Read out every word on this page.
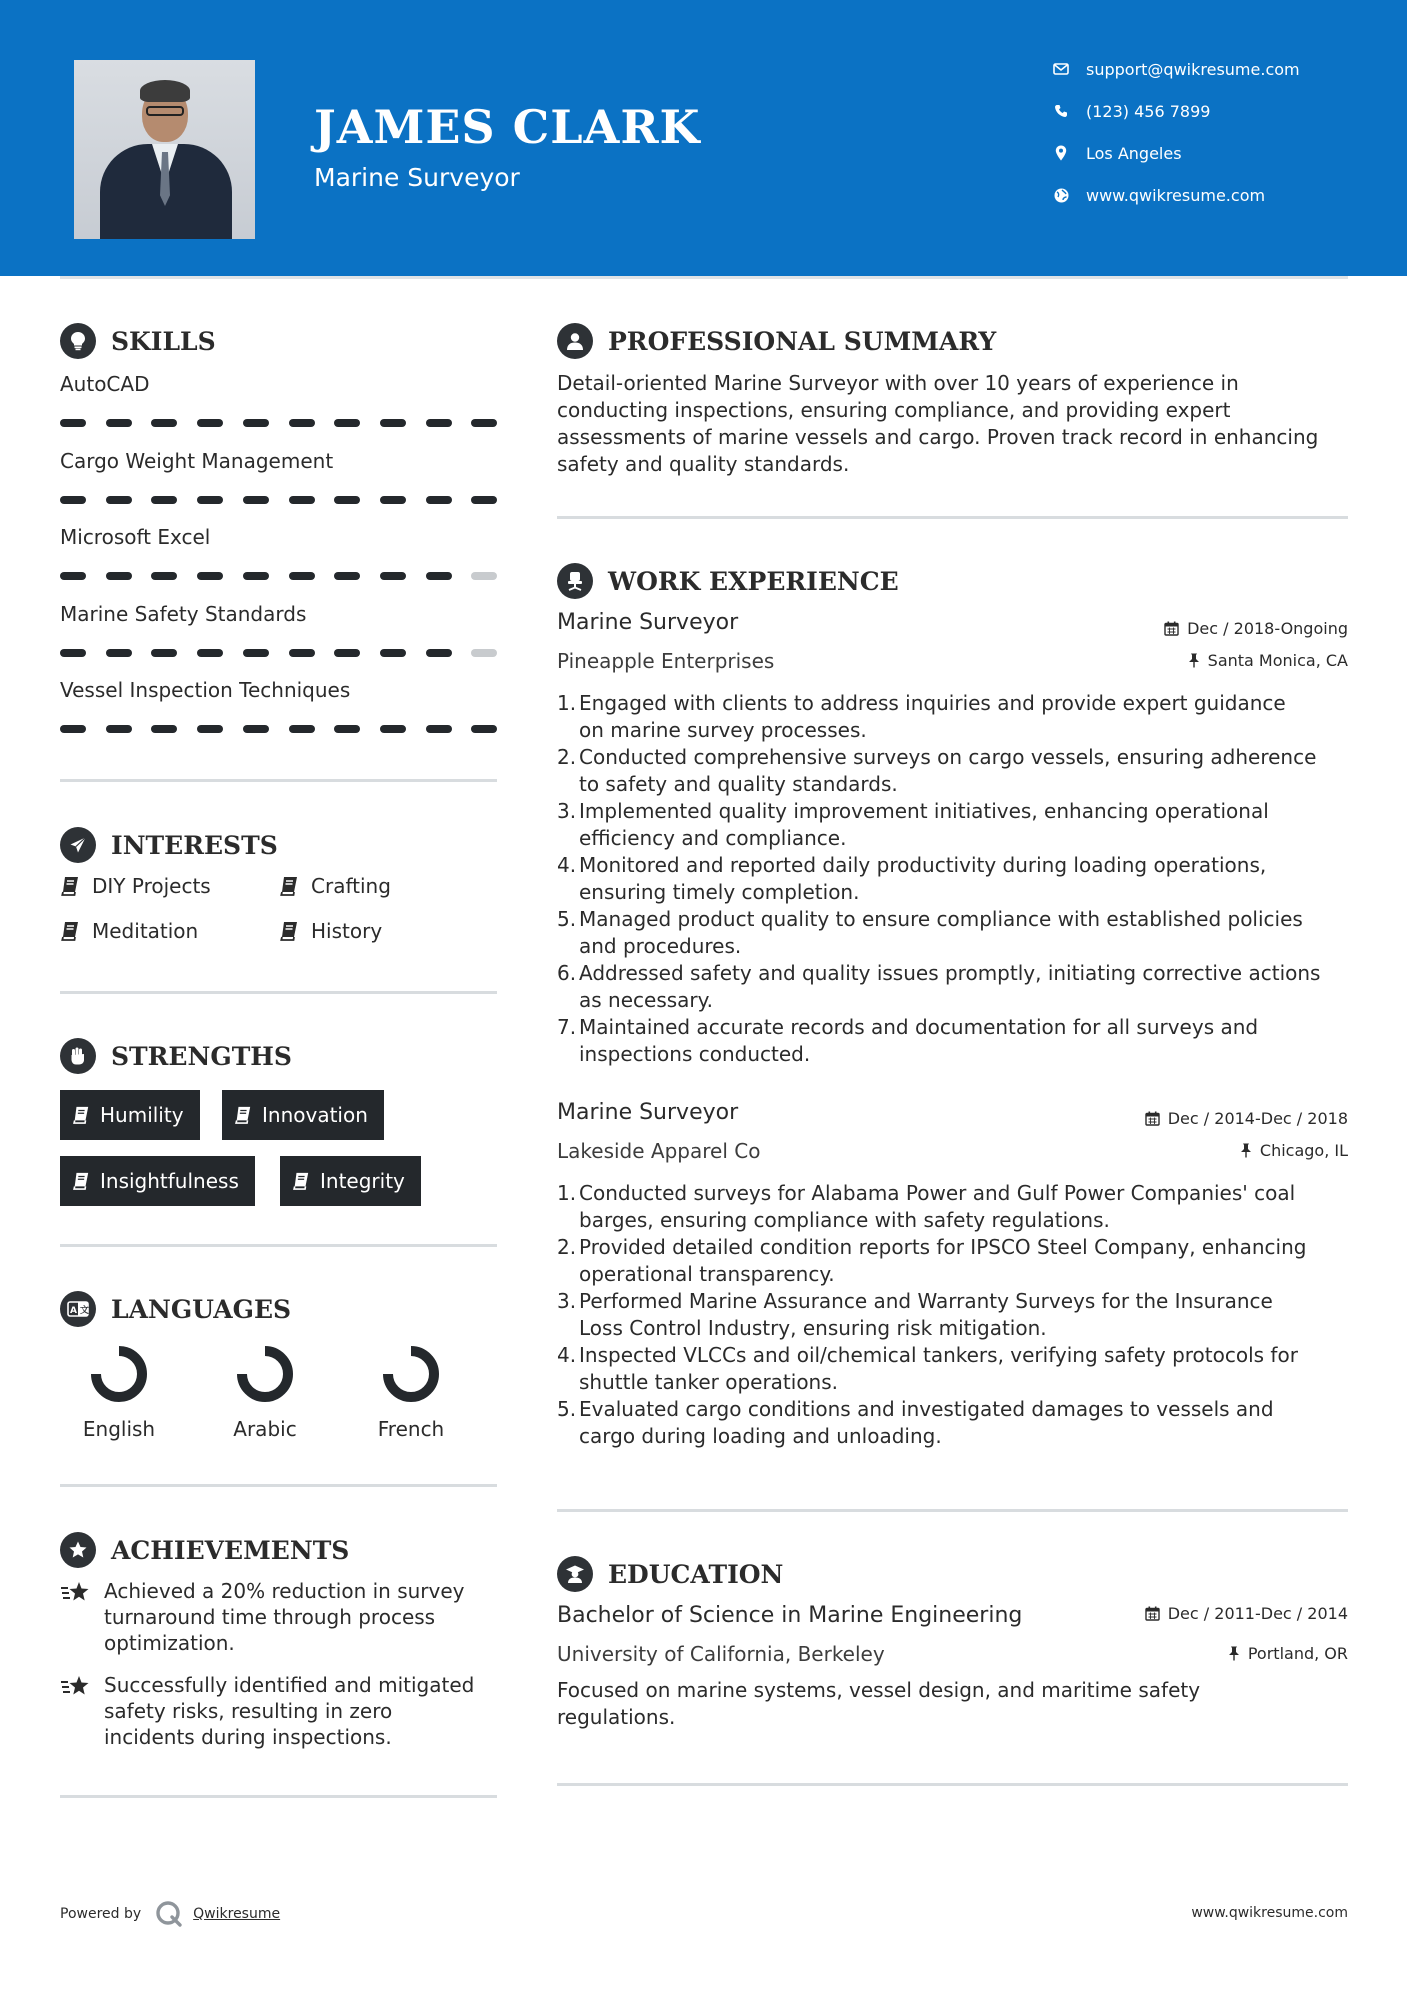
JAMES CLARK
Marine Surveyor
support@qwikresume.com
(123) 456 7899
Los Angeles
www.qwikresume.com
SKILLS
AutoCAD
Cargo Weight Management
Microsoft Excel
Marine Safety Standards
Vessel Inspection Techniques
INTERESTS
DIY Projects	Crafting
Meditation	History
STRENGTHS
Humility	Innovation
Insightfulness	Integrity
A 文 LANGUAGES
English	Arabic	French
ACHIEVEMENTS
Achieved a 20% reduction in survey
turnaround time through process
optimization.
Successfully identified and mitigated
safety risks, resulting in zero
incidents during inspections.
PROFESSIONAL SUMMARY
Detail-oriented Marine Surveyor with over 10 years of experience in
conducting inspections, ensuring compliance, and providing expert
assessments of marine vessels and cargo. Proven track record in enhancing
safety and quality standards.
WORK EXPERIENCE
Marine Surveyor	Dec / 2018-Ongoing
Pineapple Enterprises	Santa Monica, CA
1. Engaged with clients to address inquiries and provide expert guidance
on marine survey processes.
2. Conducted comprehensive surveys on cargo vessels, ensuring adherence
to safety and quality standards.
3. Implemented quality improvement initiatives, enhancing operational
efficiency and compliance.
4. Monitored and reported daily productivity during loading operations,
ensuring timely completion.
5. Managed product quality to ensure compliance with established policies
and procedures.
6. Addressed safety and quality issues promptly, initiating corrective actions
as necessary.
7. Maintained accurate records and documentation for all surveys and
inspections conducted.
Marine Surveyor	Dec / 2014-Dec / 2018
Lakeside Apparel Co	Chicago, IL
1. Conducted surveys for Alabama Power and Gulf Power Companies' coal
barges, ensuring compliance with safety regulations.
2. Provided detailed condition reports for IPSCO Steel Company, enhancing
operational transparency.
3. Performed Marine Assurance and Warranty Surveys for the Insurance
Loss Control Industry, ensuring risk mitigation.
4. Inspected VLCCs and oil/chemical tankers, verifying safety protocols for
shuttle tanker operations.
5. Evaluated cargo conditions and investigated damages to vessels and
cargo during loading and unloading.
EDUCATION
Bachelor of Science in Marine Engineering	Dec / 2011-Dec / 2014
University of California, Berkeley	Portland, OR
Focused on marine systems, vessel design, and maritime safety
regulations.
Powered by	Qwikresume	www.qwikresume.com
